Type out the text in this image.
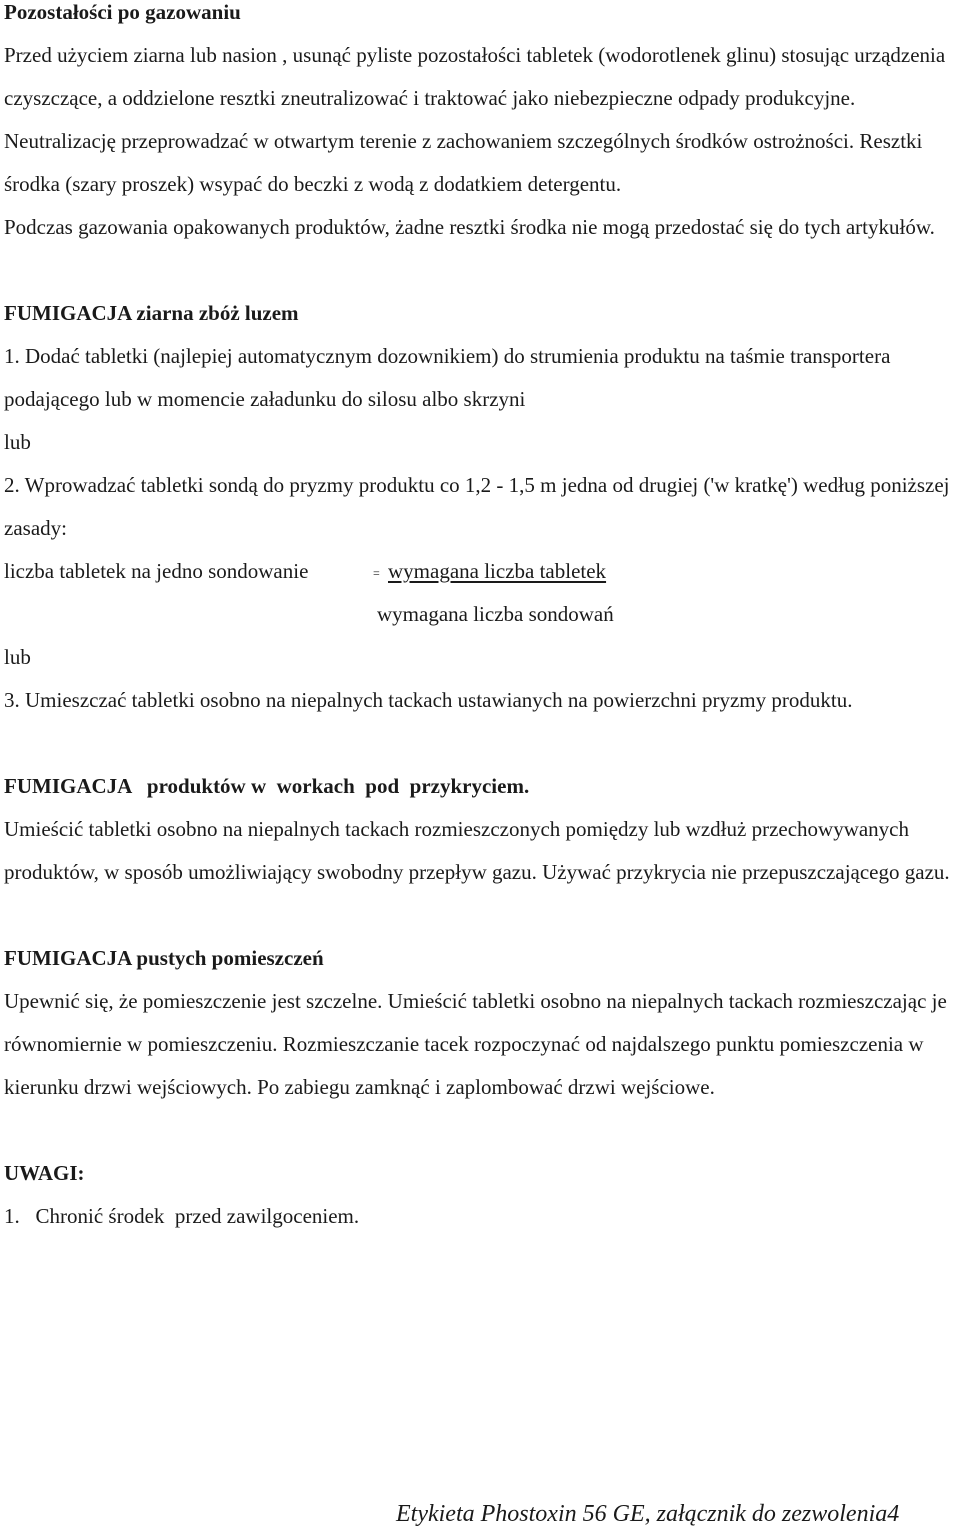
Pozostałości po gazowaniu

Przed użyciem ziarna lub nasion , usunąć pyliste pozostałości tabletek (wodorotlenek glinu) stosując urządzenia czyszczące, a oddzielone resztki zneutralizować i traktować jako niebezpieczne odpady produkcyjne. Neutralizację przeprowadzać w otwartym terenie z zachowaniem szczególnych środków ostrożności. Resztki środka (szary proszek) wsypać do beczki z wodą z dodatkiem detergentu.

Podczas gazowania opakowanych produktów, żadne resztki środka nie mogą przedostać się do tych artykułów.

FUMIGACJA ziarna zbóż luzem

1. Dodać tabletki (najlepiej automatycznym dozownikiem) do strumienia produktu na taśmie transportera podającego lub w momencie załadunku do silosu albo skrzyni

lub

2. Wprowadzać tabletki sondą do pryzmy produktu co 1,2 - 1,5 m jedna od drugiej ('w kratkę') według poniższej zasady:

liczba tabletek na jedno sondowanie	= wymagana liczba tabletek
wymagana liczba sondowań

lub

3. Umieszczać tabletki osobno na niepalnych tackach ustawianych na powierzchni pryzmy produktu.

FUMIGACJA   produktów w  workach  pod  przykryciem.

Umieścić tabletki osobno na niepalnych tackach rozmieszczonych pomiędzy lub wzdłuż przechowywanych produktów, w sposób umożliwiający swobodny przepływ gazu. Używać przykrycia nie przepuszczającego gazu.

FUMIGACJA pustych pomieszczeń

Upewnić się, że pomieszczenie jest szczelne. Umieścić tabletki osobno na niepalnych tackach rozmieszczając je równomiernie w pomieszczeniu. Rozmieszczanie tacek rozpoczynać od najdalszego punktu pomieszczenia w kierunku drzwi wejściowych. Po zabiegu zamknąć i zaplombować drzwi wejściowe.

UWAGI:

1.   Chronić środek  przed zawilgoceniem.

Etykieta Phostoxin 56 GE, załącznik do zezwolenia4
